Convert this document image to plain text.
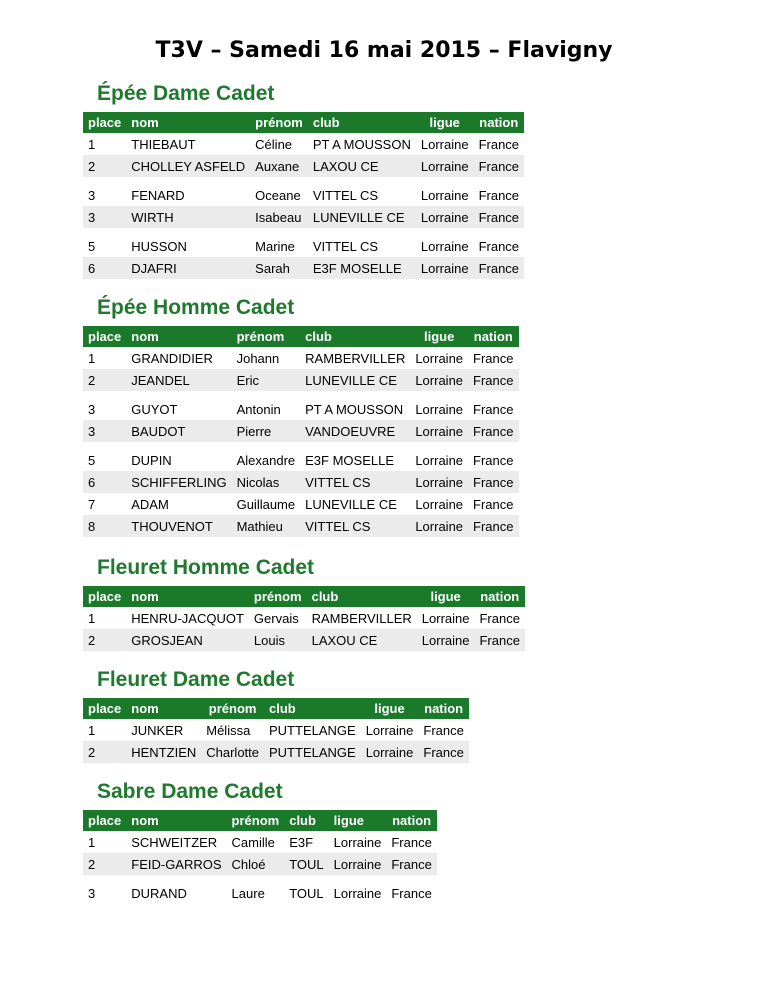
T3V – Samedi 16 mai 2015 – Flavigny
Épée Dame Cadet
place	nom	prénom	club	ligue	nation
1	THIEBAUT	Céline	PT A MOUSSON	Lorraine	France
2	CHOLLEY ASFELD	Auxane	LAXOU CE	Lorraine	France
3	FENARD	Oceane	VITTEL CS	Lorraine	France
3	WIRTH	Isabeau	LUNEVILLE CE	Lorraine	France
5	HUSSON	Marine	VITTEL CS	Lorraine	France
6	DJAFRI	Sarah	E3F MOSELLE	Lorraine	France
Épée Homme Cadet
place	nom	prénom	club	ligue	nation
1	GRANDIDIER	Johann	RAMBERVILLER	Lorraine	France
2	JEANDEL	Eric	LUNEVILLE CE	Lorraine	France
3	GUYOT	Antonin	PT A MOUSSON	Lorraine	France
3	BAUDOT	Pierre	VANDOEUVRE	Lorraine	France
5	DUPIN	Alexandre	E3F MOSELLE	Lorraine	France
6	SCHIFFERLING	Nicolas	VITTEL CS	Lorraine	France
7	ADAM	Guillaume	LUNEVILLE CE	Lorraine	France
8	THOUVENOT	Mathieu	VITTEL CS	Lorraine	France
Fleuret Homme Cadet
place	nom	prénom	club	ligue	nation
1	HENRU-JACQUOT	Gervais	RAMBERVILLER	Lorraine	France
2	GROSJEAN	Louis	LAXOU CE	Lorraine	France
Fleuret Dame Cadet
place	nom	prénom	club	ligue	nation
1	JUNKER	Mélissa	PUTTELANGE	Lorraine	France
2	HENTZIEN	Charlotte	PUTTELANGE	Lorraine	France
Sabre Dame Cadet
place	nom	prénom	club	ligue	nation
1	SCHWEITZER	Camille	E3F	Lorraine	France
2	FEID-GARROS	Chloé	TOUL	Lorraine	France
3	DURAND	Laure	TOUL	Lorraine	France
